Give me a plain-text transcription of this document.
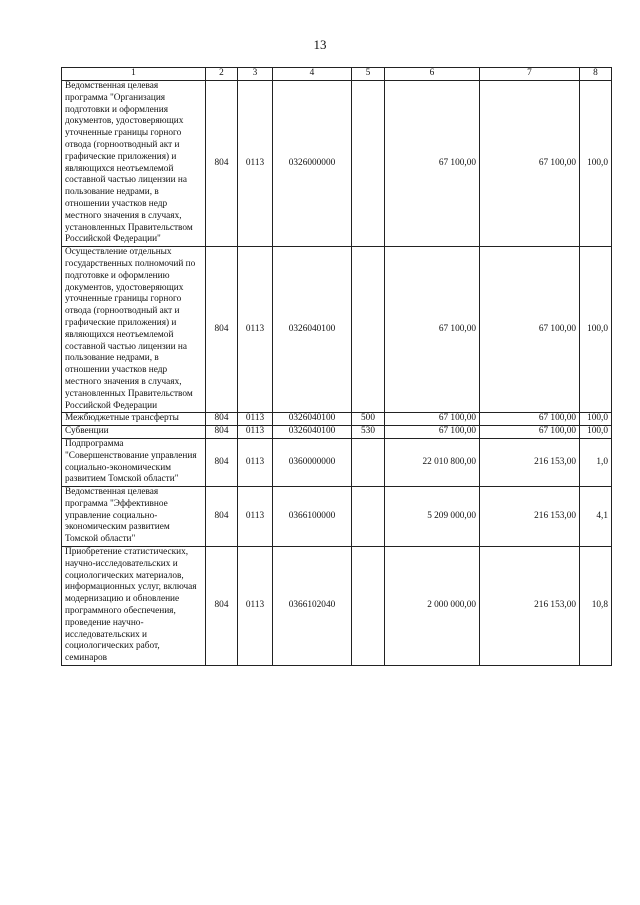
13
1	2	3	4	5	6	7	8
Ведомственная целевая программа "Организация подготовки и оформления документов, удостоверяющих уточненные границы горного отвода (горноотводный акт и графические приложения) и являющихся неотъемлемой составной частью лицензии на пользование недрами, в отношении участков недр местного значения в случаях, установленных Правительством Российской Федерации"	804	0113	0326000000		67 100,00	67 100,00	100,0
Осуществление отдельных государственных полномочий по подготовке и оформлению документов, удостоверяющих уточненные границы горного отвода (горноотводный акт и графические приложения) и являющихся неотъемлемой составной частью лицензии на пользование недрами, в отношении участков недр местного значения в случаях, установленных Правительством Российской Федерации	804	0113	0326040100		67 100,00	67 100,00	100,0
Межбюджетные трансферты	804	0113	0326040100	500	67 100,00	67 100,00	100,0
Субвенции	804	0113	0326040100	530	67 100,00	67 100,00	100,0
Подпрограмма "Совершенствование управления социально-экономическим развитием Томской области"	804	0113	0360000000		22 010 800,00	216 153,00	1,0
Ведомственная целевая программа "Эффективное управление социально-экономическим развитием Томской области"	804	0113	0366100000		5 209 000,00	216 153,00	4,1
Приобретение статистических, научно-исследовательских и социологических материалов, информационных услуг, включая модернизацию и обновление программного обеспечения, проведение научно-исследовательских и социологических работ, семинаров	804	0113	0366102040		2 000 000,00	216 153,00	10,8
